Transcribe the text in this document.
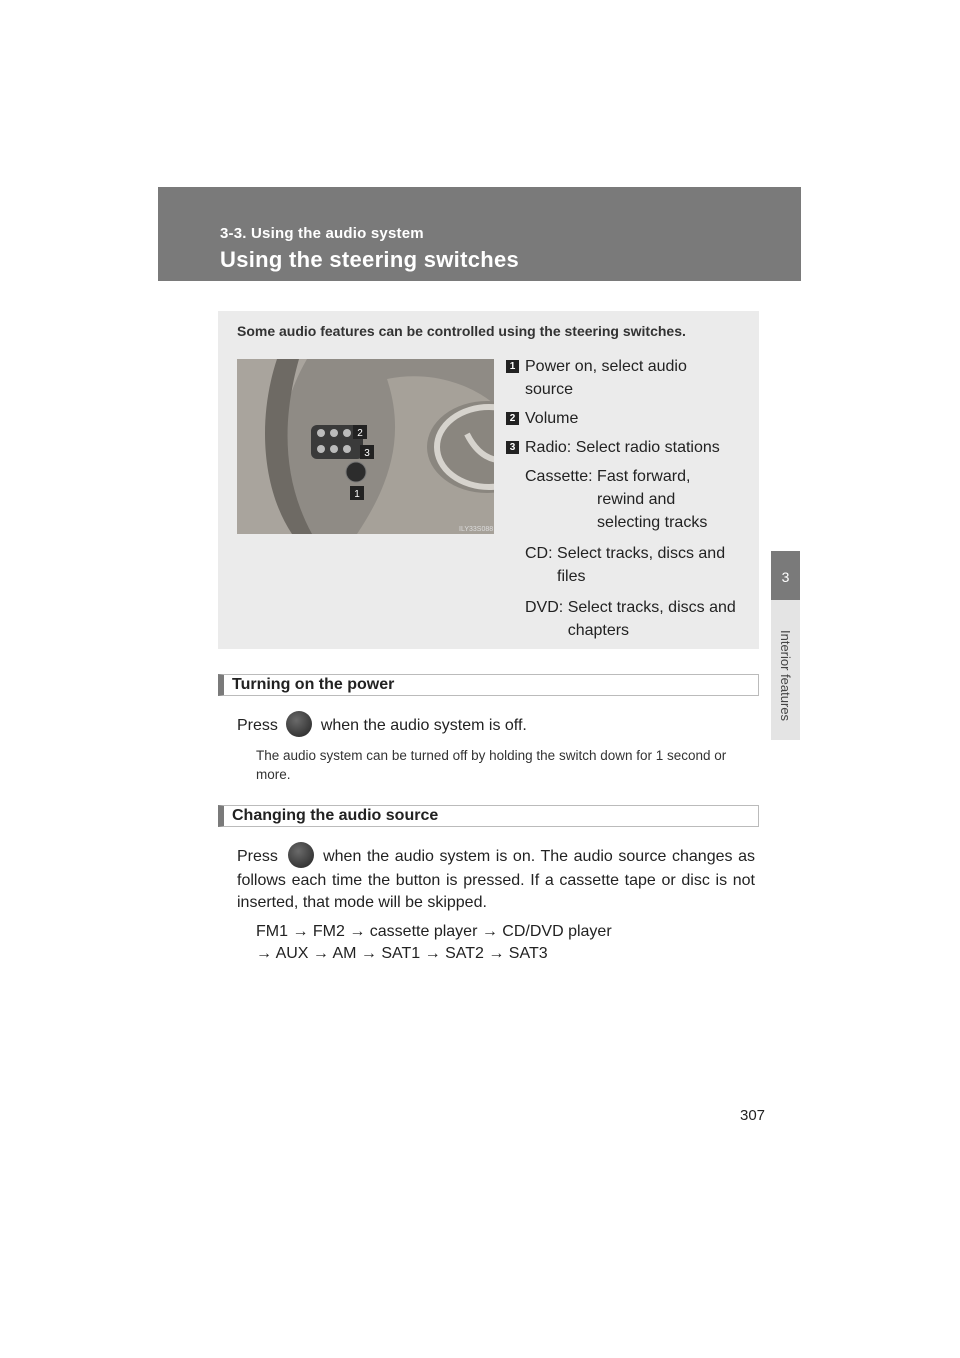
3-3. Using the audio system
Using the steering switches
3
Interior features
Some audio features can be controlled using the steering switches.
2
3
1
ILY33S088
1 Power on, select audio source
2 Volume
3 Radio: Select radio stations
Cassette:
Fast forward, rewind and selecting tracks
CD:
Select tracks, discs and files
DVD:
Select tracks, discs and chapters
Turning on the power
Press	when the audio system is off.
The audio system can be turned off by holding the switch down for 1 second or more.
Changing the audio source
Press	when the audio system is on. The audio source changes as follows each time the button is pressed. If a cassette tape or disc is not inserted, that mode will be skipped.
FM1 → FM2 → cassette player → CD/DVD player
→ AUX → AM → SAT1 → SAT2 → SAT3
307
